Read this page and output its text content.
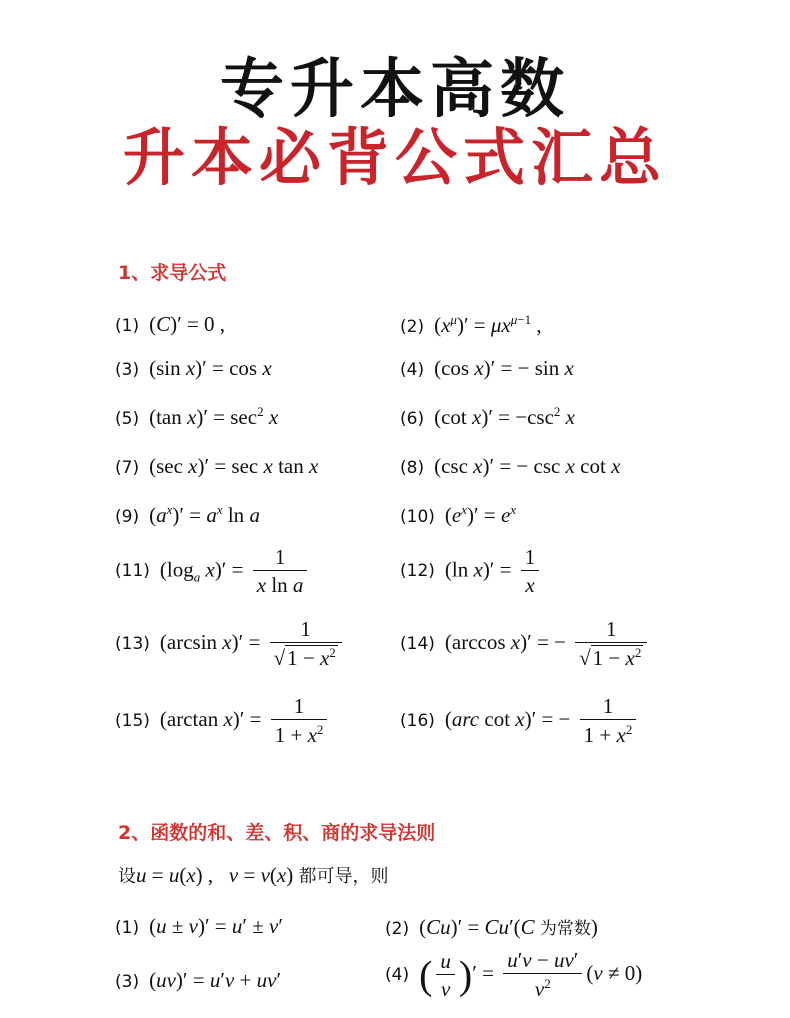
专升本高数
升本必背公式汇总
1、求导公式
(1) (C)′ = 0 ,	(2) $(x^\mu)' = \mu x^{\mu-1}$ ,
(3) (sin x)′ = cos x	(4) (cos x)′ = − sin x
(5) (tan $x)' = \sec^2 x$	(6) (cot $x)' = -\csc^2$ x
(7) (sec x)′ = sec x tan x	(8) (csc x)′ = − csc x cot x
(9) $(a^x)' = a^x$ ln a	(10) $(e^x)' = e^x$
(11) ($\log_a$ $x)' = \frac{1}{\text{x ln a}}$	(12) (ln $x)' = \frac{1}{x}$
(13) (arcsin $x)' = \frac{1}{√1 - x^2}$	(14) (arccos x)′ = − $\frac{1}{√1 - x^2}$
(15) (arctan $x)' = \frac{1}{1 + x^2}$	(16) (arc cot x)′ = − $\frac{1}{1 + x^2}$
2、函数的和、差、积、商的求导法则
设u = u(x) ,   v = v(x) 都可导，则
(1) (u ± v)′ = u′ ± v′	(2) (Cu)′ = Cu′(C 为常数)
(3) (uv)′ = u′v + uv′	(4) ( $\frac{u}{v}$ )′ = $\frac{u'v - uv'}{v^2} (v \ne 0)$
